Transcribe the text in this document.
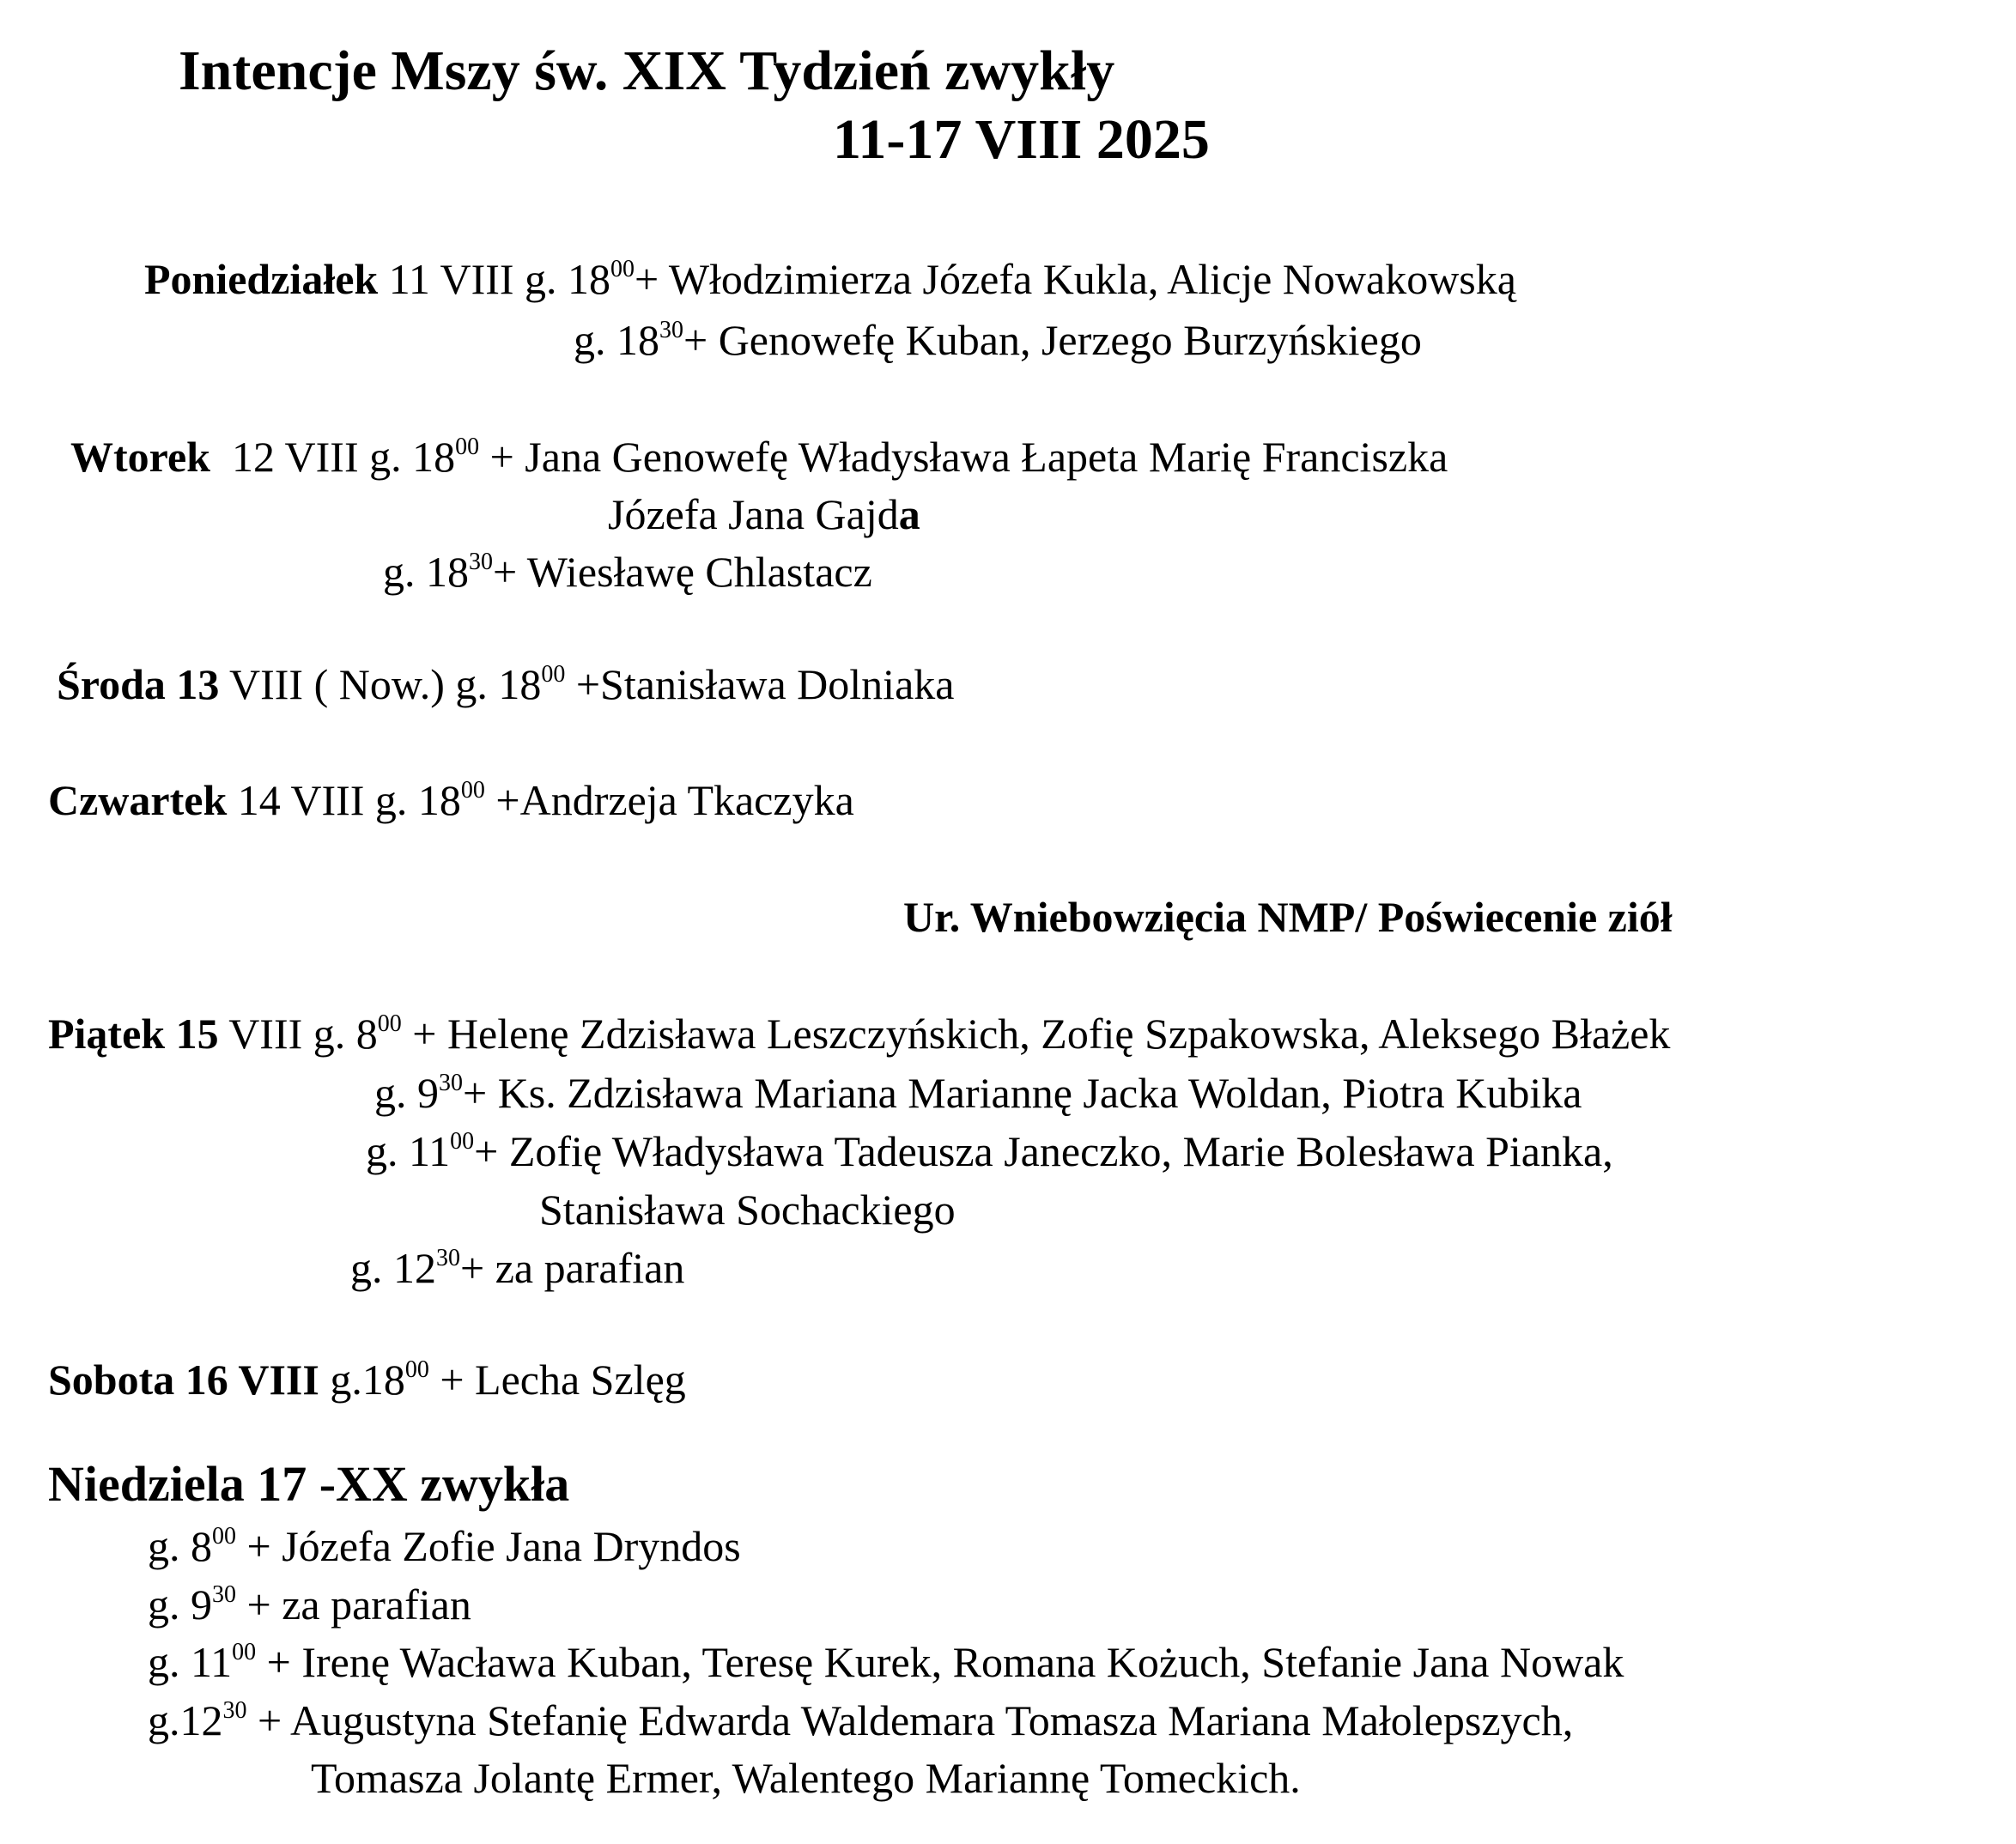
Intencje Mszy św. XIX Tydzień zwykły
11-17 VIII 2025
Poniedziałek 11 VIII g. $18^{00}+$ Włodzimierza Józefa Kukla, Alicje Nowakowską
g. $18^{30}+$ Genowefę Kuban, Jerzego Burzyńskiego
Wtorek 12 VIII g. $18^{00}$ + Jana Genowefę Władysława Łapeta Marię Franciszka
Józefa Jana Gajda
g. $18^{30}+$ Wiesławę Chlastacz
Środa 13 VIII ( Now.) g. $18^{00}$ +Stanisława Dolniaka
Czwartek 14 VIII g. $18^{00}$ +Andrzeja Tkaczyka
Ur. Wniebowzięcia NMP/ Poświecenie ziół
Piątek 15 VIII g. $8^{00}$ + Helenę Zdzisława Leszczyńskich, Zofię Szpakowska, Aleksego Błażek
g. $9^{30}+ Ks$. Zdzisława Mariana Mariannę Jacka Woldan, Piotra Kubika
g. $11^{00}+$ Zofię Władysława Tadeusza Janeczko, Marie Bolesława Pianka,
Stanisława Sochackiego
g. $12^{30}+$ za parafian
Sobota 16 VIII $g.18^{00}$ + Lecha Szlęg
Niedziela 17 -XX zwykła
g. $8^{00}$ + Józefa Zofie Jana Dryndos
g. $9^{30}$ + za parafian
g. $11^{00}$ + Irenę Wacława Kuban, Teresę Kurek, Romana Kożuch, Stefanie Jana Nowak
$g.12^{30}$ + Augustyna Stefanię Edwarda Waldemara Tomasza Mariana Małolepszych,
Tomasza Jolantę Ermer, Walentego Mariannę Tomeckich.
